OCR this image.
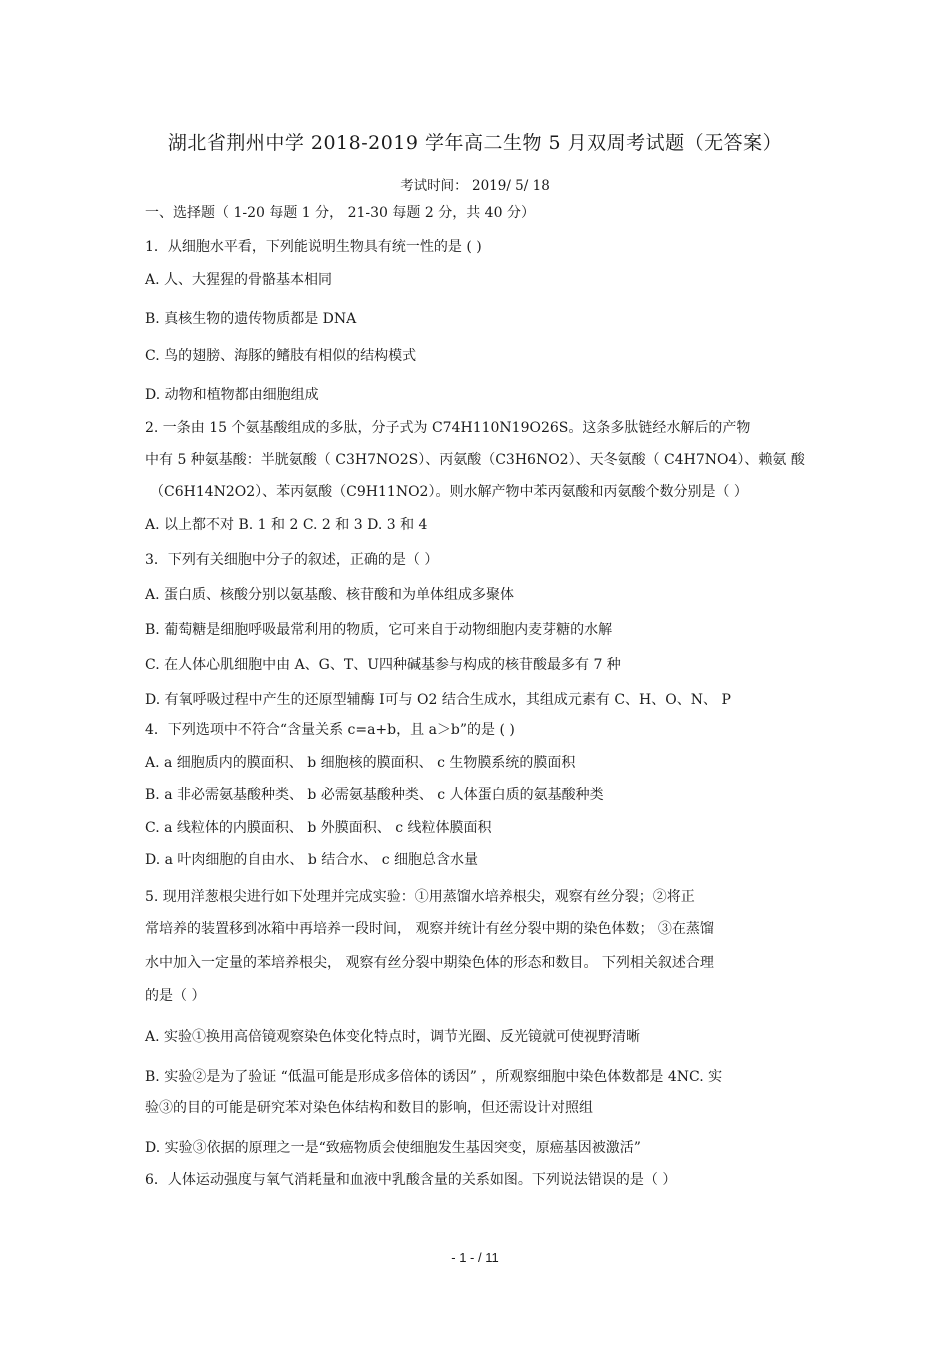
湖北省荆州中学 2018-2019 学年高二生物 5 月双周考试题（无答案）
考试时间： 2019/ 5/ 18
一、选择题（ 1-20 每题 1 分， 21-30 每题 2 分，共 40 分）
1．从细胞水平看，下列能说明生物具有统一性的是 ( )
A. 人、大猩猩的骨骼基本相同
B. 真核生物的遗传物质都是 DNA
C. 鸟的翅膀、海豚的鳍肢有相似的结构模式
D. 动物和植物都由细胞组成
2. 一条由 15 个氨基酸组成的多肽，分子式为 C74H110N19O26S。这条多肽链经水解后的产物
中有 5 种氨基酸：半胱氨酸（ C3H7NO2S）、丙氨酸（C3H6NO2）、天冬氨酸（ C4H7NO4）、赖氨 酸
（C6H14N2O2）、苯丙氨酸（C9H11NO2）。则水解产物中苯丙氨酸和丙氨酸个数分别是（ ）
A. 以上都不对 B. 1 和 2 C. 2 和 3 D. 3 和 4
3．下列有关细胞中分子的叙述，正确的是（ ）
A. 蛋白质、核酸分别以氨基酸、核苷酸和为单体组成多聚体
B. 葡萄糖是细胞呼吸最常利用的物质，它可来自于动物细胞内麦芽糖的水解
C. 在人体心肌细胞中由 A、G、T、U四种碱基参与构成的核苷酸最多有 7 种
D. 有氧呼吸过程中产生的还原型辅酶 I可与 O2 结合生成水，其组成元素有 C、H、O、N、 P
4．下列选项中不符合“含量关系 c=a+b，且 a＞b”的是 ( )
A. a 细胞质内的膜面积、 b 细胞核的膜面积、 c 生物膜系统的膜面积
B. a 非必需氨基酸种类、 b 必需氨基酸种类、 c 人体蛋白质的氨基酸种类
C. a 线粒体的内膜面积、 b 外膜面积、 c 线粒体膜面积
D. a 叶肉细胞的自由水、 b 结合水、 c 细胞总含水量
5. 现用洋葱根尖进行如下处理并完成实验：①用蒸馏水培养根尖，观察有丝分裂；②将正
常培养的装置移到冰箱中再培养一段时间， 观察并统计有丝分裂中期的染色体数； ③在蒸馏
水中加入一定量的苯培养根尖， 观察有丝分裂中期染色体的形态和数目。 下列相关叙述合理
的是（ ）
A. 实验①换用高倍镜观察染色体变化特点时，调节光圈、反光镜就可使视野清晰
B. 实验②是为了验证 “低温可能是形成多倍体的诱因” ，所观察细胞中染色体数都是 4NC. 实
验③的目的可能是研究苯对染色体结构和数目的影响，但还需设计对照组
D. 实验③依据的原理之一是“致癌物质会使细胞发生基因突变，原癌基因被激活”
6．人体运动强度与氧气消耗量和血液中乳酸含量的关系如图。下列说法错误的是（ ）
- 1 - / 11
